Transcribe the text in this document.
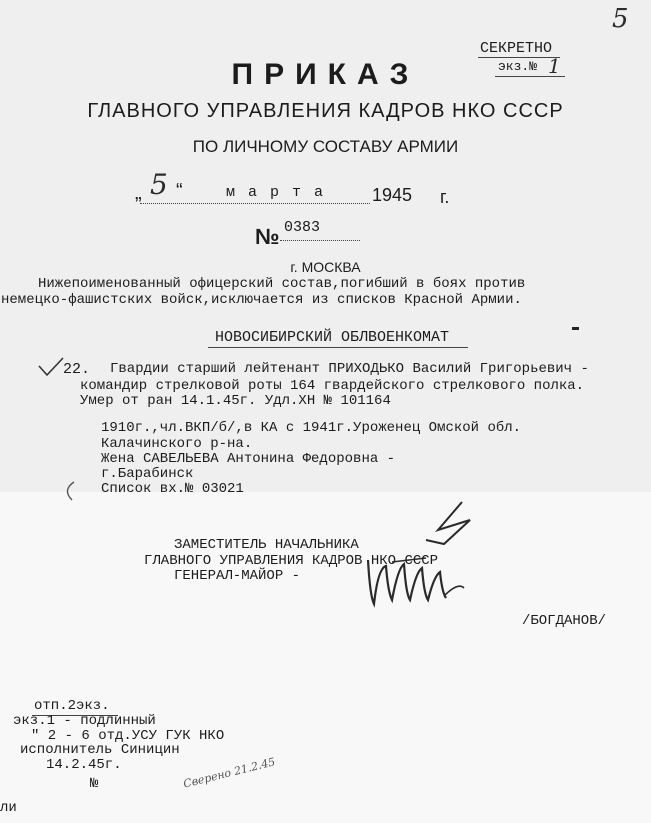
5
СЕКРЕТНО
экз.№ 1
ПРИКАЗ
ГЛАВНОГО УПРАВЛЕНИЯ КАДРОВ НКО СССР
ПО ЛИЧНОМУ СОСТАВУ АРМИИ
„ 5 “	м а р т а	1945 г.
№ 0383
г. МОСКВА
Нижепоименованный офицерский состав,погибший в боях против
немецко-фашистских войск,исключается из списков Красной Армии.
НОВОСИБИРСКИЙ ОБЛВОЕНКОМАТ
22. Гвардии старший лейтенант ПРИХОДЬКО Василий Григорьевич -
командир стрелковой роты 164 гвардейского стрелкового полка.
Умер от ран 14.1.45г. Удл.ХН № 101164
1910г.,чл.ВКП/б/,в КА с 1941г.Уроженец Омской обл.
Калачинского р-на.
Жена САВЕЛЬЕВА Антонина Федоровна -
г.Барабинск
Список вх.№ 03021
ЗАМЕСТИТЕЛЬ НАЧАЛЬНИКА
ГЛАВНОГО УПРАВЛЕНИЯ КАДРОВ НКО СССР
ГЕНЕРАЛ-МАЙОР -
/БОГДАНОВ/
отп.2экз.
экз.1 - подлинный
" 2 - 6 отд.УСУ ГУК НКО
исполнитель Синицин
14.2.45г.
№
ли
Сверено 21.2.45
